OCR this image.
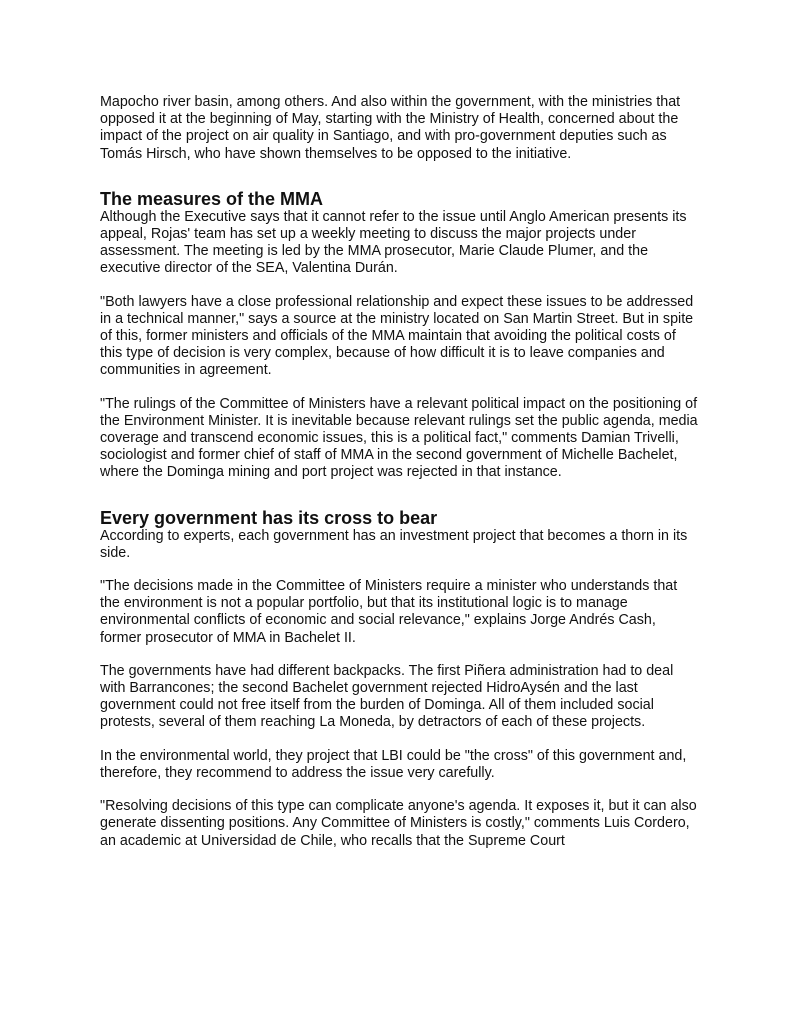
Mapocho river basin, among others. And also within the government, with the ministries that opposed it at the beginning of May, starting with the Ministry of Health, concerned about the impact of the project on air quality in Santiago, and with pro-government deputies such as Tomás Hirsch, who have shown themselves to be opposed to the initiative.

The measures of the MMA

Although the Executive says that it cannot refer to the issue until Anglo American presents its appeal, Rojas' team has set up a weekly meeting to discuss the major projects under assessment. The meeting is led by the MMA prosecutor, Marie Claude Plumer, and the executive director of the SEA, Valentina Durán.

"Both lawyers have a close professional relationship and expect these issues to be addressed in a technical manner," says a source at the ministry located on San Martin Street. But in spite of this, former ministers and officials of the MMA maintain that avoiding the political costs of this type of decision is very complex, because of how difficult it is to leave companies and communities in agreement.

"The rulings of the Committee of Ministers have a relevant political impact on the positioning of the Environment Minister. It is inevitable because relevant rulings set the public agenda, media coverage and transcend economic issues, this is a political fact," comments Damian Trivelli, sociologist and former chief of staff of MMA in the second government of Michelle Bachelet, where the Dominga mining and port project was rejected in that instance.

Every government has its cross to bear

According to experts, each government has an investment project that becomes a thorn in its side.

"The decisions made in the Committee of Ministers require a minister who understands that the environment is not a popular portfolio, but that its institutional logic is to manage environmental conflicts of economic and social relevance," explains Jorge Andrés Cash, former prosecutor of MMA in Bachelet II.

The governments have had different backpacks. The first Piñera administration had to deal with Barrancones; the second Bachelet government rejected HidroAysén and the last government could not free itself from the burden of Dominga. All of them included social protests, several of them reaching La Moneda, by detractors of each of these projects.

In the environmental world, they project that LBI could be "the cross" of this government and, therefore, they recommend to address the issue very carefully.

"Resolving decisions of this type can complicate anyone's agenda. It exposes it, but it can also generate dissenting positions. Any Committee of Ministers is costly," comments Luis Cordero, an academic at Universidad de Chile, who recalls that the Supreme Court
